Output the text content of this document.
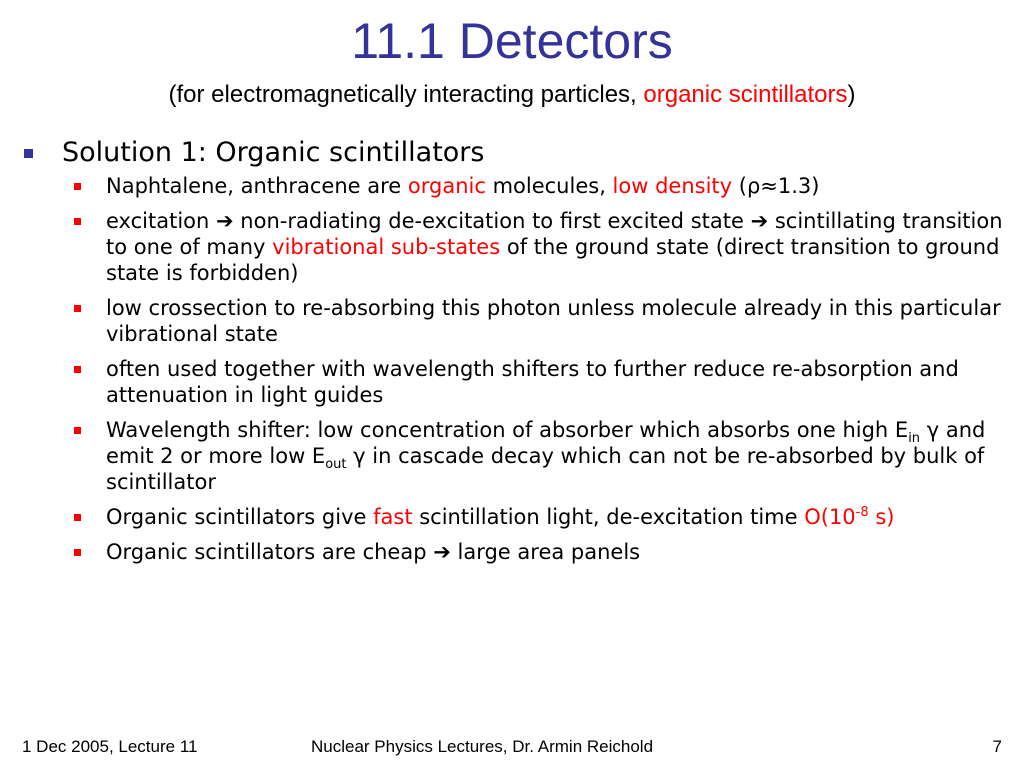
11.1 Detectors
(for electromagnetically interacting particles, organic scintillators)
Solution 1: Organic scintillators
Naphtalene, anthracene are organic molecules, low density (ρ≈1.3)
excitation ➔ non-radiating de-excitation to first excited state ➔ scintillating transition to one of many vibrational sub-states of the ground state (direct transition to ground state is forbidden)
low crossection to re-absorbing this photon unless molecule already in this particular vibrational state
often used together with wavelength shifters to further reduce re-absorption and attenuation in light guides
Wavelength shifter: low concentration of absorber which absorbs one high $E_{in}$ γ and emit 2 or more low $E_{out}$ γ in cascade decay which can not be re-absorbed by bulk of scintillator
Organic scintillators give fast scintillation light, de-excitation time $O(10^{-8}$ s)
Organic scintillators are cheap ➔ large area panels
1 Dec 2005, Lecture 11	Nuclear Physics Lectures, Dr. Armin Reichold	7
